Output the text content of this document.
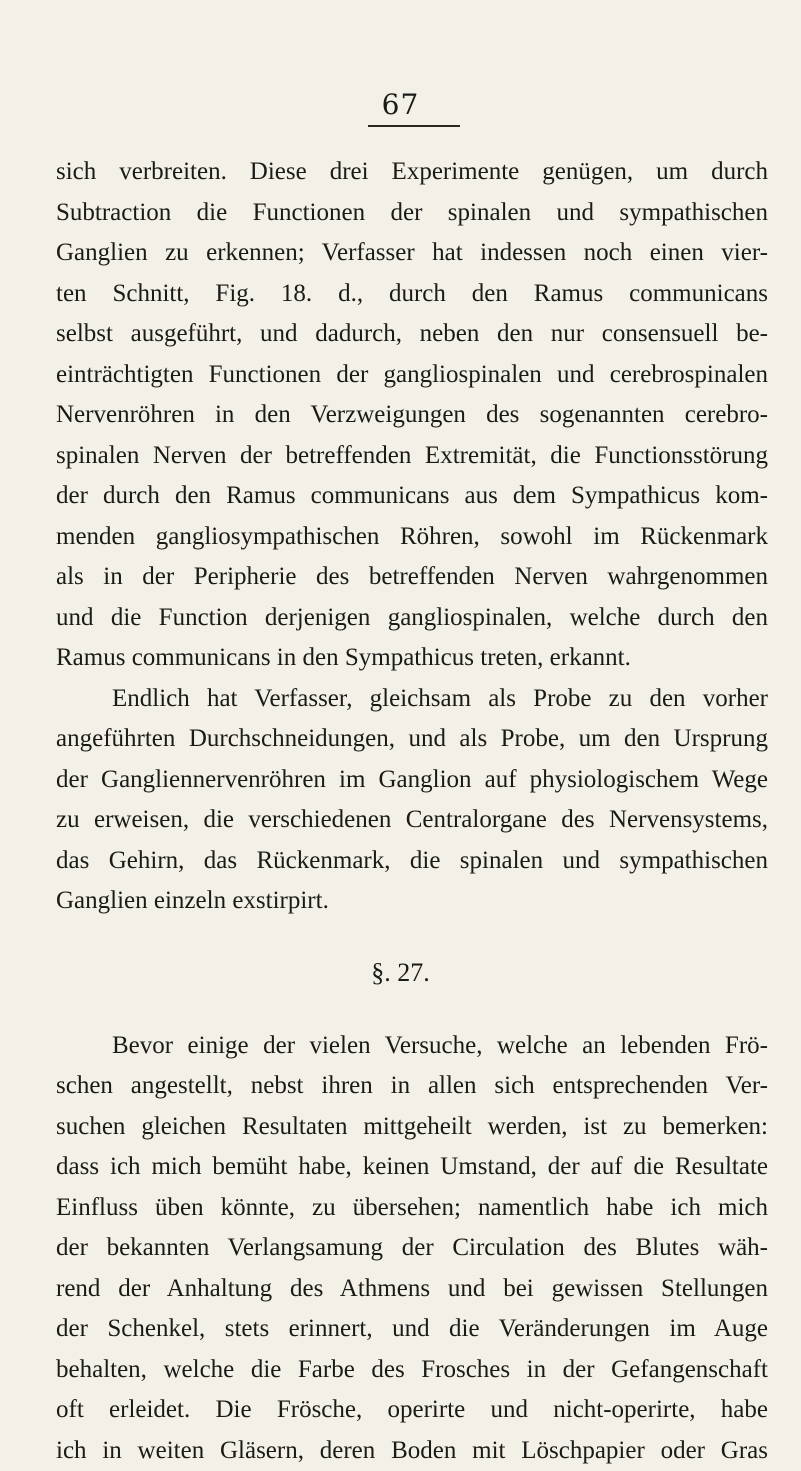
67
sich verbreiten. Diese drei Experimente genügen, um durch
Subtraction die Functionen der spinalen und sympathischen
Ganglien zu erkennen; Verfasser hat indessen noch einen vier-
ten Schnitt, Fig. 18. d., durch den Ramus communicans
selbst ausgeführt, und dadurch, neben den nur consensuell be-
einträchtigten Functionen der gangliospinalen und cerebrospinalen
Nervenröhren in den Verzweigungen des sogenannten cerebro-
spinalen Nerven der betreffenden Extremität, die Functionsstörung
der durch den Ramus communicans aus dem Sympathicus kom-
menden gangliosympathischen Röhren, sowohl im Rückenmark
als in der Peripherie des betreffenden Nerven wahrgenommen
und die Function derjenigen gangliospinalen, welche durch den
Ramus communicans in den Sympathicus treten, erkannt.
Endlich hat Verfasser, gleichsam als Probe zu den vorher
angeführten Durchschneidungen, und als Probe, um den Ursprung
der Gangliennervenröhren im Ganglion auf physiologischem Wege
zu erweisen, die verschiedenen Centralorgane des Nervensystems,
das Gehirn, das Rückenmark, die spinalen und sympathischen
Ganglien einzeln exstirpirt.
§. 27.
Bevor einige der vielen Versuche, welche an lebenden Frö-
schen angestellt, nebst ihren in allen sich entsprechenden Ver-
suchen gleichen Resultaten mittgeheilt werden, ist zu bemerken:
dass ich mich bemüht habe, keinen Umstand, der auf die Resultate
Einfluss üben könnte, zu übersehen; namentlich habe ich mich
der bekannten Verlangsamung der Circulation des Blutes wäh-
rend der Anhaltung des Athmens und bei gewissen Stellungen
der Schenkel, stets erinnert, und die Veränderungen im Auge
behalten, welche die Farbe des Frosches in der Gefangenschaft
oft erleidet. Die Frösche, operirte und nicht-operirte, habe
ich in weiten Gläsern, deren Boden mit Löschpapier oder Gras
